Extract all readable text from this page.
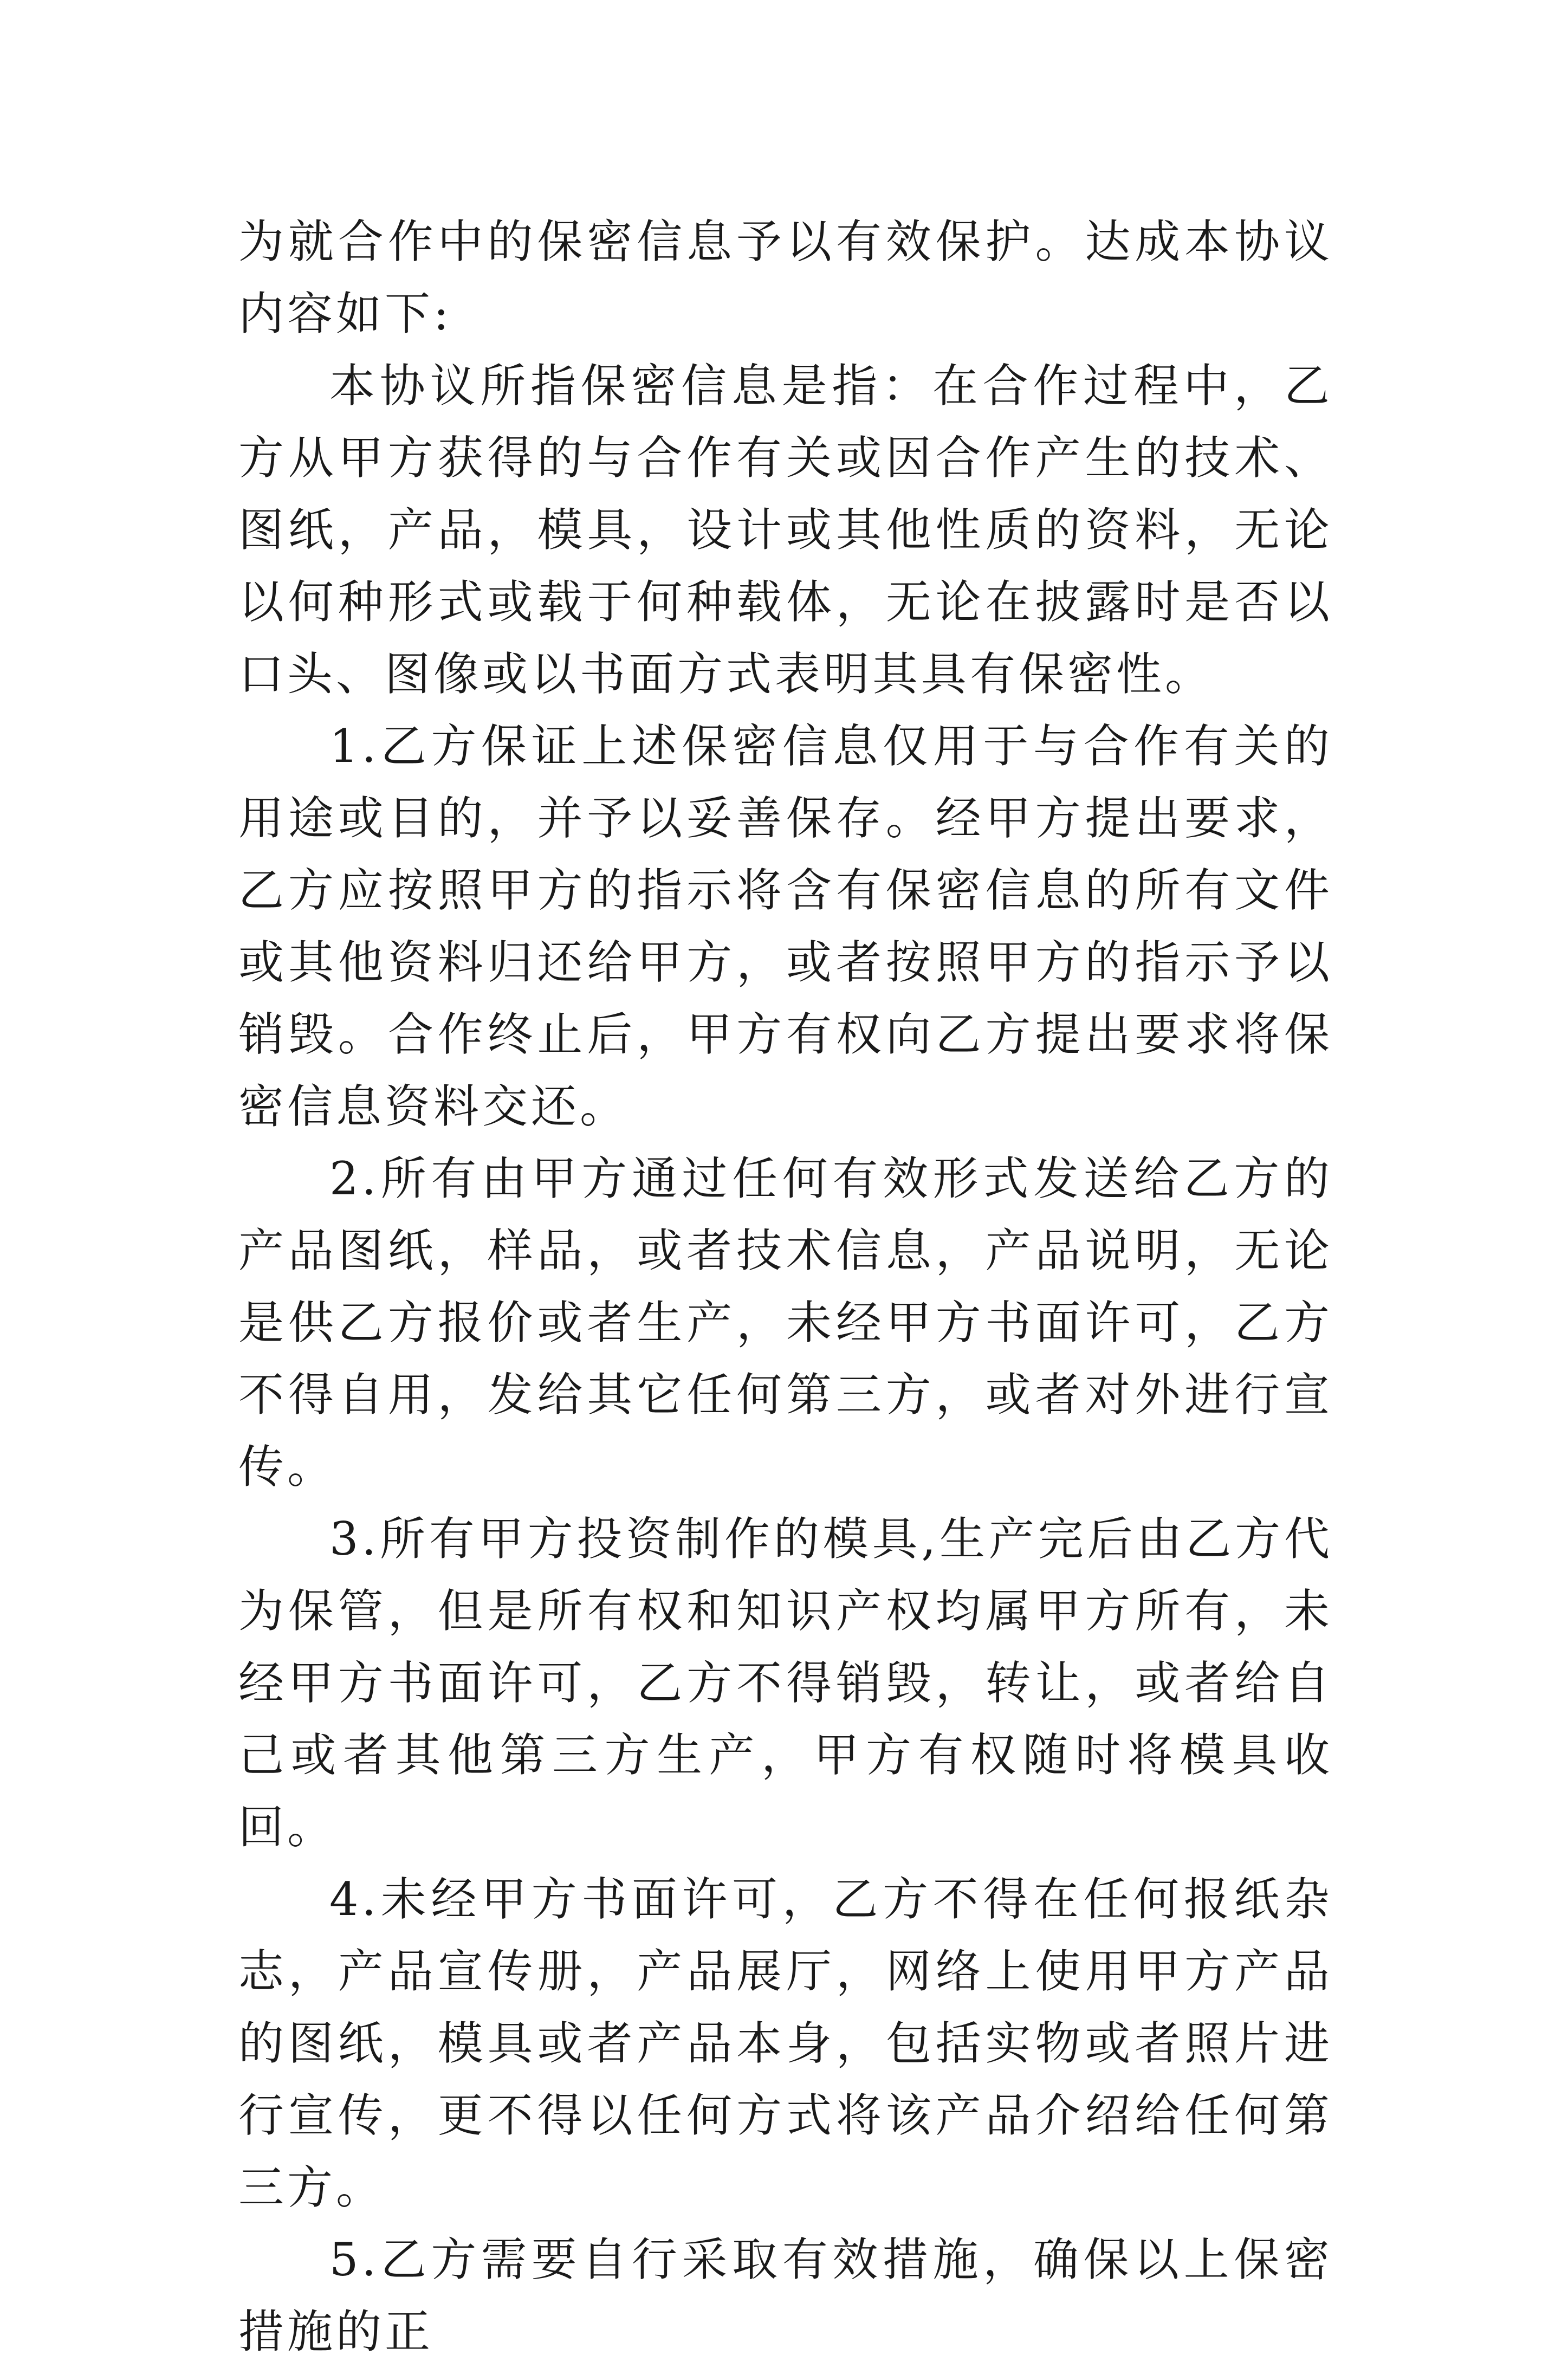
为就合作中的保密信息予以有效保护。达成本协议内容如下:

本协议所指保密信息是指：在合作过程中，乙方从甲方获得的与合作有关或因合作产生的技术、图纸，产品，模具，设计或其他性质的资料，无论以何种形式或载于何种载体，无论在披露时是否以口头、图像或以书面方式表明其具有保密性。

1.乙方保证上述保密信息仅用于与合作有关的用途或目的，并予以妥善保存。经甲方提出要求，乙方应按照甲方的指示将含有保密信息的所有文件或其他资料归还给甲方，或者按照甲方的指示予以销毁。合作终止后，甲方有权向乙方提出要求将保密信息资料交还。

2.所有由甲方通过任何有效形式发送给乙方的产品图纸，样品，或者技术信息，产品说明，无论是供乙方报价或者生产，未经甲方书面许可，乙方不得自用，发给其它任何第三方，或者对外进行宣传。

3.所有甲方投资制作的模具,生产完后由乙方代为保管，但是所有权和知识产权均属甲方所有，未经甲方书面许可，乙方不得销毁，转让，或者给自己或者其他第三方生产，甲方有权随时将模具收回。

4.未经甲方书面许可，乙方不得在任何报纸杂志，产品宣传册，产品展厅，网络上使用甲方产品的图纸，模具或者产品本身，包括实物或者照片进行宣传，更不得以任何方式将该产品介绍给任何第三方。

5.乙方需要自行采取有效措施，确保以上保密措施的正
